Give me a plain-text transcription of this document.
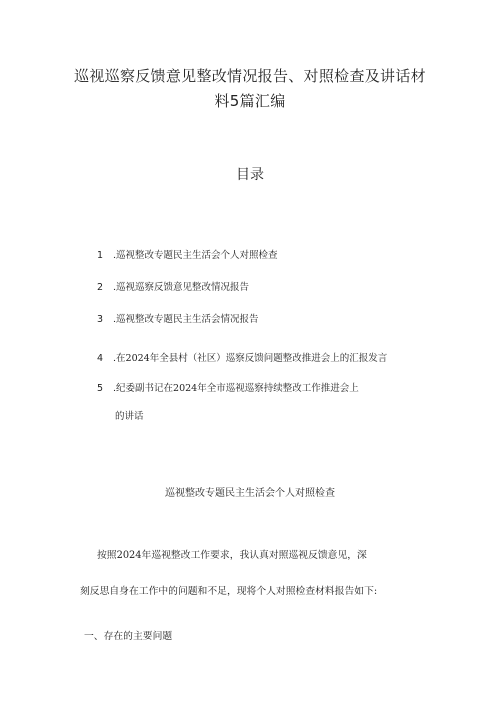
巡视巡察反馈意见整改情况报告、对照检查及讲话材
料5篇汇编
目录
1 .巡视整改专题民主生活会个人对照检查
2 .巡视巡察反馈意见整改情况报告
3 .巡视整改专题民主生活会情况报告
4 .在2024年全县村（社区）巡察反馈问题整改推进会上的汇报发言
5 .纪委副书记在2024年全市巡视巡察持续整改工作推进会上
的讲话
巡视整改专题民主生活会个人对照检查
按照2024年巡视整改工作要求，我认真对照巡视反馈意见，深
刻反思自身在工作中的问题和不足，现将个人对照检查材料报告如下:
一、存在的主要问题
